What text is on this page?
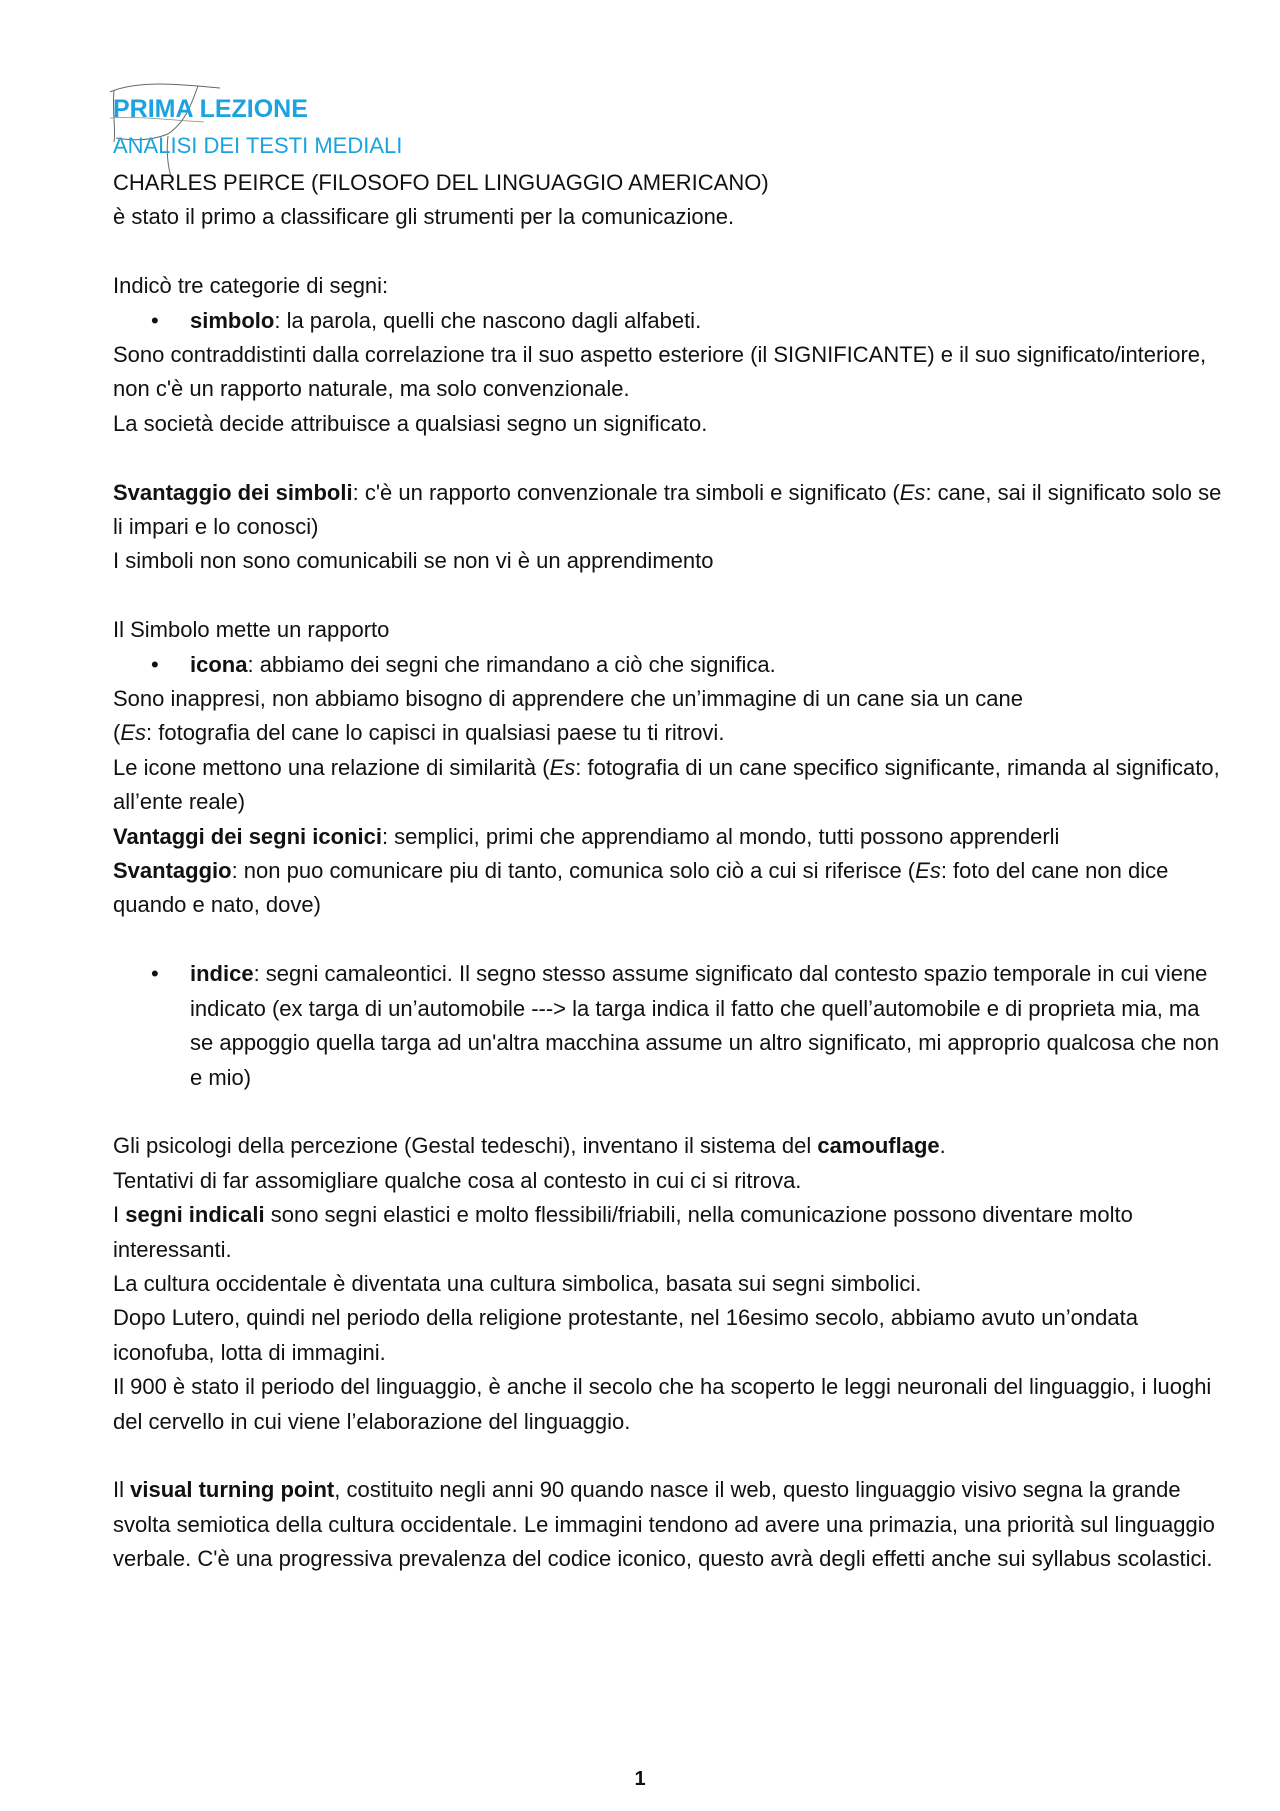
PRIMA LEZIONE
ANALISI DEI TESTI MEDIALI
CHARLES PEIRCE (FILOSOFO DEL LINGUAGGIO AMERICANO)
è stato il primo a classificare gli strumenti per la comunicazione.
Indicò tre categorie di segni:
• simbolo: la parola, quelli che nascono dagli alfabeti.
Sono contraddistinti dalla correlazione tra il suo aspetto esteriore (il SIGNIFICANTE) e il suo significato/interiore, non c'è un rapporto naturale, ma solo convenzionale.
La società decide attribuisce a qualsiasi segno un significato.
Svantaggio dei simboli: c'è un rapporto convenzionale tra simboli e significato (Es: cane, sai il significato solo se li impari e lo conosci)
I simboli non sono comunicabili se non vi è un apprendimento
Il Simbolo mette un rapporto
• icona: abbiamo dei segni che rimandano a ciò che significa.
Sono inappresi, non abbiamo bisogno di apprendere che un’immagine di un cane sia un cane
(Es: fotografia del cane lo capisci in qualsiasi paese tu ti ritrovi.
Le icone mettono una relazione di similarità (Es: fotografia di un cane specifico significante, rimanda al significato, all’ente reale)
Vantaggi dei segni iconici: semplici, primi che apprendiamo al mondo, tutti possono apprenderli
Svantaggio: non puo comunicare piu di tanto, comunica solo ciò a cui si riferisce (Es: foto del cane non dice quando e nato, dove)
• indice: segni camaleontici. Il segno stesso assume significato dal contesto spazio temporale in cui viene indicato (ex targa di un’automobile ---> la targa indica il fatto che quell’automobile e di proprieta mia, ma se appoggio quella targa ad un'altra macchina assume un altro significato, mi approprio qualcosa che non e mio)
Gli psicologi della percezione (Gestal tedeschi), inventano il sistema del camouflage.
Tentativi di far assomigliare qualche cosa al contesto in cui ci si ritrova.
I segni indicali sono segni elastici e molto flessibili/friabili, nella comunicazione possono diventare molto interessanti.
La cultura occidentale è diventata una cultura simbolica, basata sui segni simbolici.
Dopo Lutero, quindi nel periodo della religione protestante, nel 16esimo secolo, abbiamo avuto un’ondata iconofuba, lotta di immagini.
Il 900 è stato il periodo del linguaggio, è anche il secolo che ha scoperto le leggi neuronali del linguaggio, i luoghi del cervello in cui viene l’elaborazione del linguaggio.
Il visual turning point, costituito negli anni 90 quando nasce il web, questo linguaggio visivo segna la grande svolta semiotica della cultura occidentale. Le immagini tendono ad avere una primazia, una priorità sul linguaggio verbale. C'è una progressiva prevalenza del codice iconico, questo avrà degli effetti anche sui syllabus scolastici.
1
